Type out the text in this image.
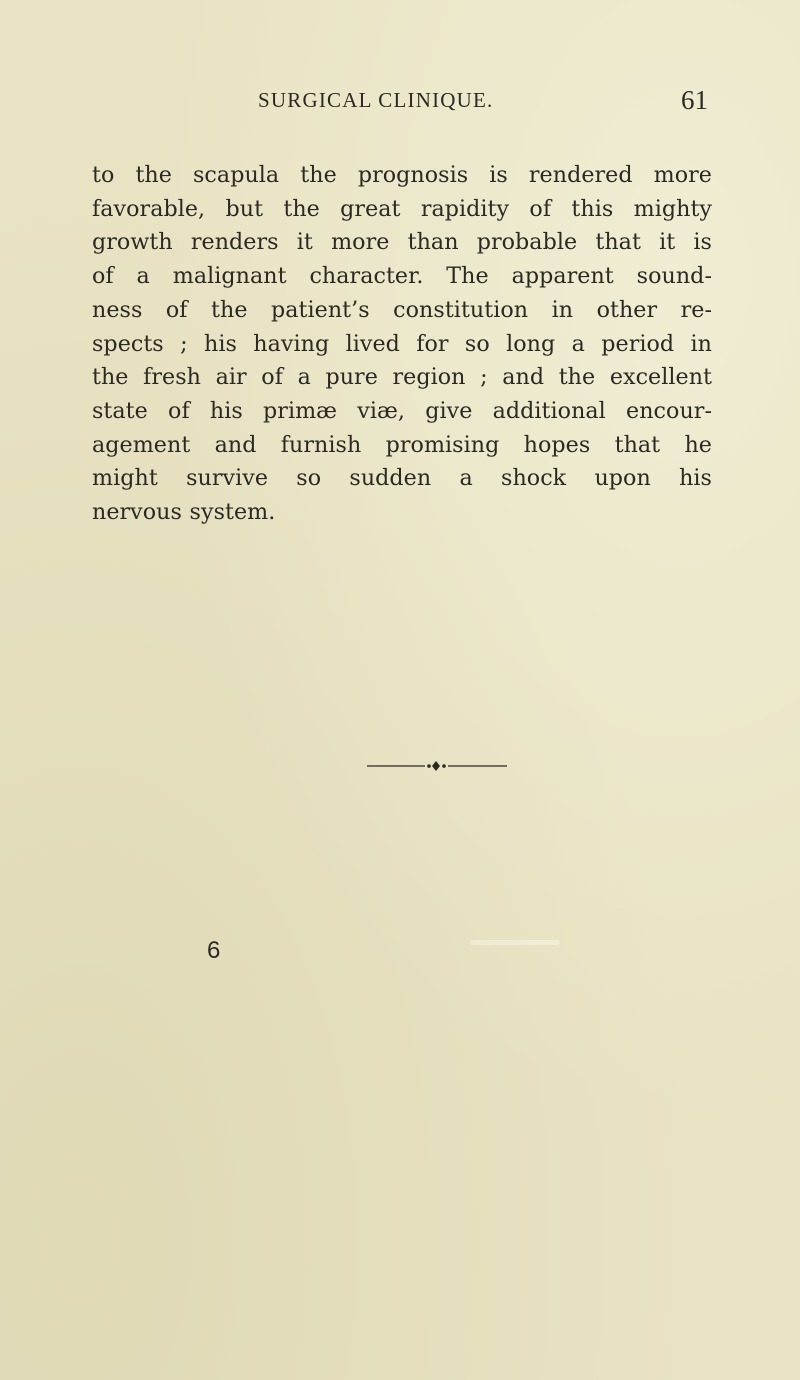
SURGICAL CLINIQUE.	61

to the scapula the prognosis is rendered more
favorable, but the great rapidity of this mighty
growth renders it more than probable that it is
of a malignant character. The apparent sound-
ness of the patient’s constitution in other re-
spects ; his having lived for so long a period in
the fresh air of a pure region ; and the excellent
state of his primæ viæ, give additional encour-
agement and furnish promising hopes that he
might survive so sudden a shock upon his
nervous system.

6
